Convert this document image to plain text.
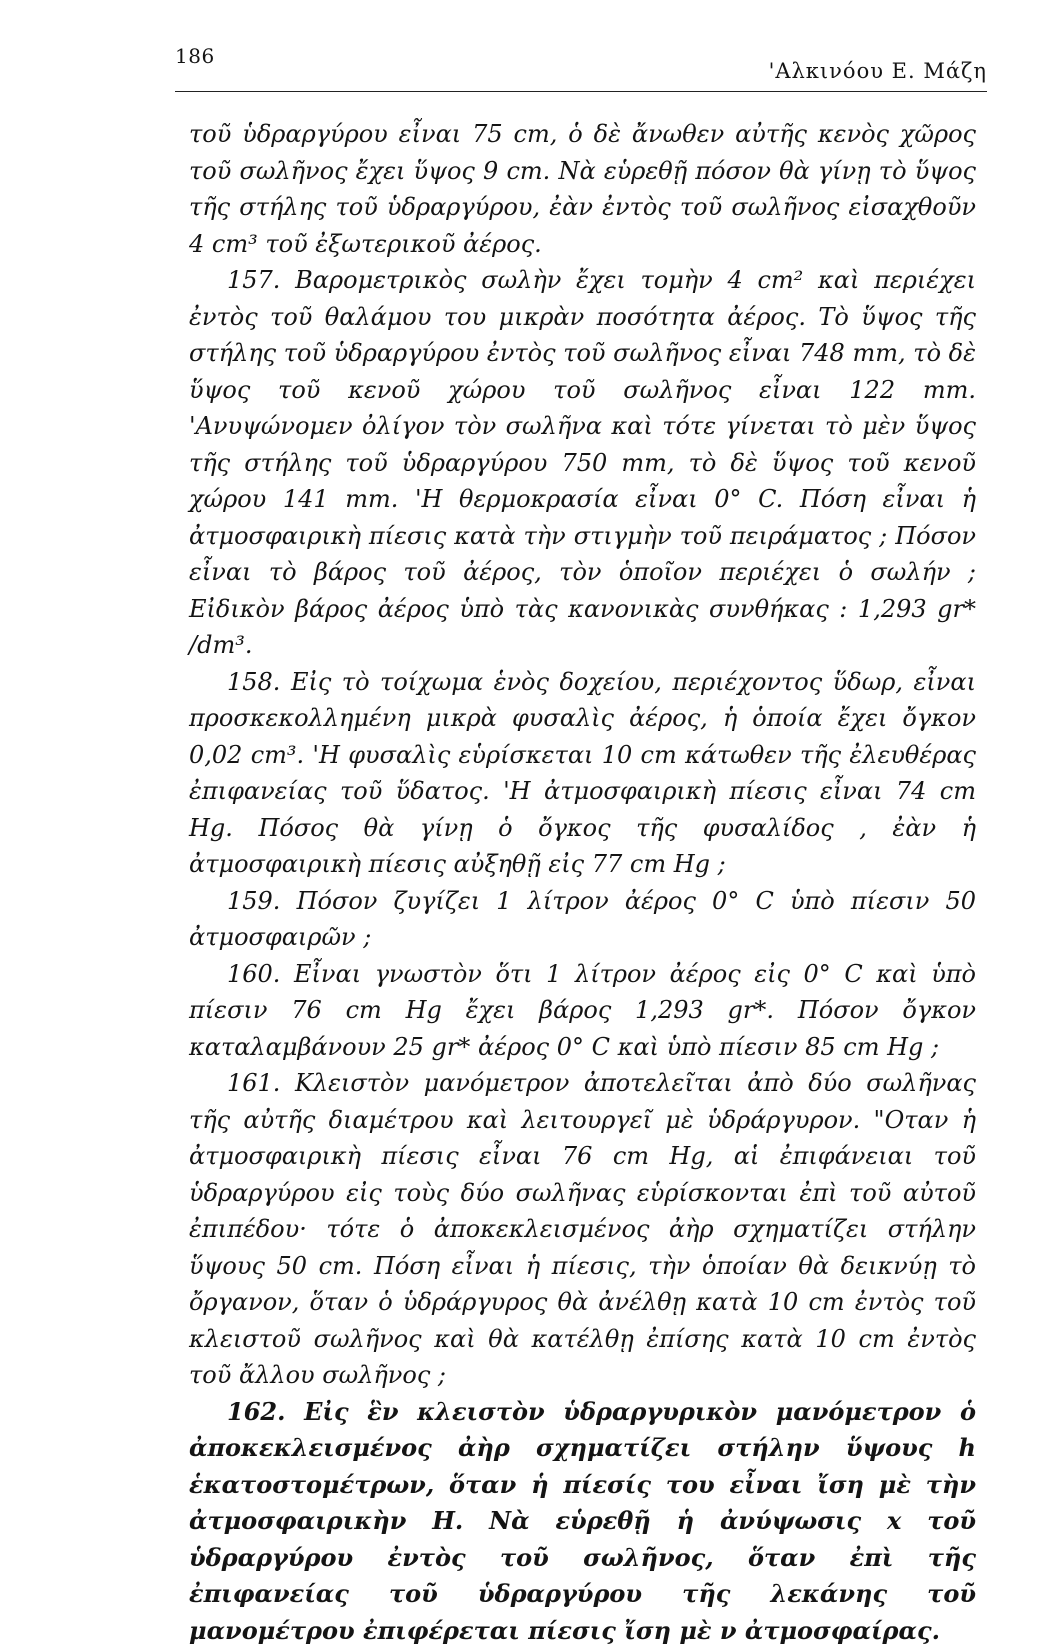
186
'Αλκινόου Ε. Μάζη

τοῦ ὑδραργύρου εἶναι 75 cm, ὁ δὲ ἄνωθεν αὐτῆς κενὸς χῶρος τοῦ σωλῆνος ἔχει ὕψος 9 cm. Νὰ εὑρεθῇ πόσον θὰ γίνῃ τὸ ὕψος τῆς στήλης τοῦ ὑδραργύρου, ἐὰν ἐντὸς τοῦ σωλῆνος εἰσαχθοῦν 4 cm³ τοῦ ἐξωτερικοῦ ἀέρος.

157. Βαρομετρικὸς σωλὴν ἔχει τομὴν 4 cm² καὶ περιέχει ἐντὸς τοῦ θαλάμου του μικρὰν ποσότητα ἀέρος. Τὸ ὕψος τῆς στήλης τοῦ ὑδραργύρου ἐντὸς τοῦ σωλῆνος εἶναι 748 mm, τὸ δὲ ὕψος τοῦ κενοῦ χώρου τοῦ σωλῆνος εἶναι 122 mm. 'Ανυψώνομεν ὀλίγον τὸν σωλῆνα καὶ τότε γίνεται τὸ μὲν ὕψος τῆς στήλης τοῦ ὑδραργύρου 750 mm, τὸ δὲ ὕψος τοῦ κενοῦ χώρου 141 mm. 'Η θερμοκρασία εἶναι 0° C. Πόση εἶναι ἡ ἀτμοσφαιρικὴ πίεσις κατὰ τὴν στιγμὴν τοῦ πειράματος ; Πόσον εἶναι τὸ βάρος τοῦ ἀέρος, τὸν ὁποῖον περιέχει ὁ σωλήν ; Εἰδικὸν βάρος ἀέρος ὑπὸ τὰς κανονικὰς συνθήκας : 1,293 gr* /dm³.

158. Εἰς τὸ τοίχωμα ἑνὸς δοχείου, περιέχοντος ὕδωρ, εἶναι προσκεκολλημένη μικρὰ φυσαλὶς ἀέρος, ἡ ὁποία ἔχει ὄγκον 0,02 cm³. 'Η φυσαλὶς εὑρίσκεται 10 cm κάτωθεν τῆς ἐλευθέρας ἐπιφανείας τοῦ ὕδατος. 'Η ἀτμοσφαιρικὴ πίεσις εἶναι 74 cm Hg. Πόσος θὰ γίνῃ ὁ ὄγκος τῆς φυσαλίδος , ἐὰν ἡ ἀτμοσφαιρικὴ πίεσις αὐξηθῇ εἰς 77 cm Hg ;

159. Πόσον ζυγίζει 1 λίτρον ἀέρος 0° C ὑπὸ πίεσιν 50 ἀτμοσφαιρῶν ;

160. Εἶναι γνωστὸν ὅτι 1 λίτρον ἀέρος εἰς 0° C καὶ ὑπὸ πίεσιν 76 cm Hg ἔχει βάρος 1,293 gr*. Πόσον ὄγκον καταλαμβάνουν 25 gr* ἀέρος 0° C καὶ ὑπὸ πίεσιν 85 cm Hg ;

161. Κλειστὸν μανόμετρον ἀποτελεῖται ἀπὸ δύο σωλῆνας τῆς αὐτῆς διαμέτρου καὶ λειτουργεῖ μὲ ὑδράργυρον. "Οταν ἡ ἀτμοσφαιρικὴ πίεσις εἶναι 76 cm Hg, αἱ ἐπιφάνειαι τοῦ ὑδραργύρου εἰς τοὺς δύο σωλῆνας εὑρίσκονται ἐπὶ τοῦ αὐτοῦ ἐπιπέδου· τότε ὁ ἀποκεκλεισμένος ἀὴρ σχηματίζει στήλην ὕψους 50 cm. Πόση εἶναι ἡ πίεσις, τὴν ὁποίαν θὰ δεικνύῃ τὸ ὄργανον, ὅταν ὁ ὑδράργυρος θὰ ἀνέλθῃ κατὰ 10 cm ἐντὸς τοῦ κλειστοῦ σωλῆνος καὶ θὰ κατέλθῃ ἐπίσης κατὰ 10 cm ἐντὸς τοῦ ἄλλου σωλῆνος ;

162. Εἰς ἓν κλειστὸν ὑδραργυρικὸν μανόμετρον ὁ ἀποκεκλεισμένος ἀὴρ σχηματίζει στήλην ὕψους h ἑκατοστομέτρων, ὅταν ἡ πίεσίς του εἶναι ἴση μὲ τὴν ἀτμοσφαιρικὴν H. Νὰ εὑρεθῇ ἡ ἀνύψωσις x τοῦ ὑδραργύρου ἐντὸς τοῦ σωλῆνος, ὅταν ἐπὶ τῆς ἐπιφανείας τοῦ ὑδραργύρου τῆς λεκάνης τοῦ μανομέτρου ἐπιφέρεται πίεσις ἴση μὲ ν ἀτμοσφαίρας.
